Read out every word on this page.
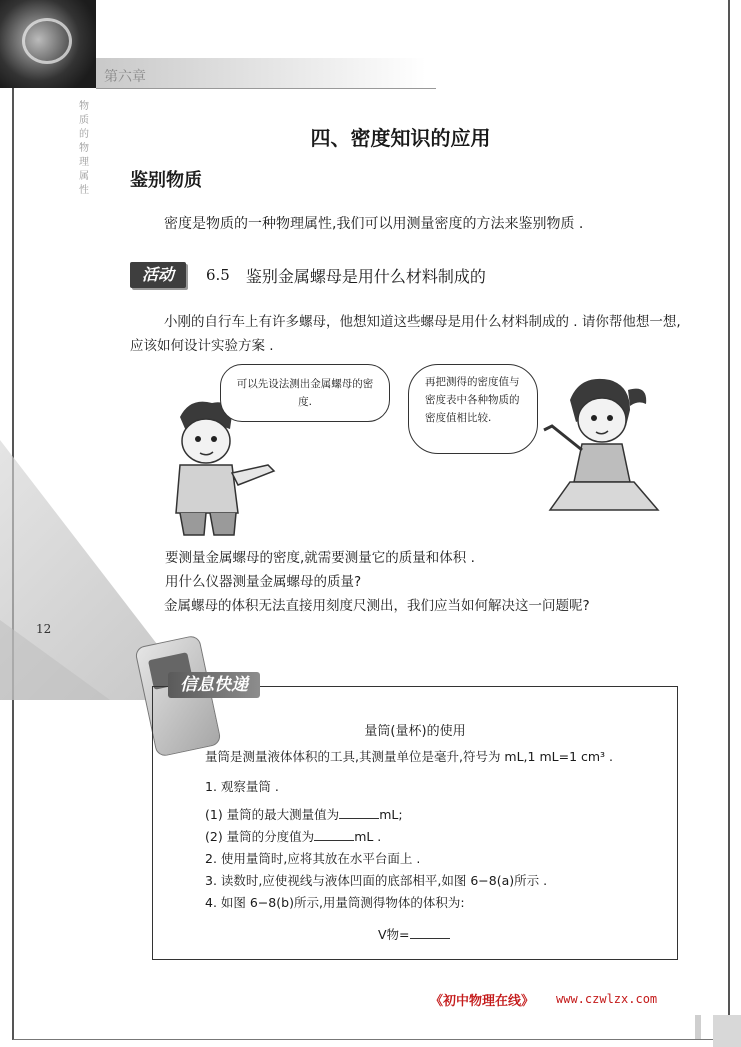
第六章
物质的物理属性
12
四、密度知识的应用
鉴别物质
密度是物质的一种物理属性,我们可以用测量密度的方法来鉴别物质 .
活动	6.5 鉴别金属螺母是用什么材料制成的
小刚的自行车上有许多螺母，他想知道这些螺母是用什么材料制成的 . 请你帮他想一想,应该如何设计实验方案 .
可以先设法测出金属螺母的密度.
再把测得的密度值与密度表中各种物质的密度值相比较.
要测量金属螺母的密度,就需要测量它的质量和体积 .
用什么仪器测量金属螺母的质量?
金属螺母的体积无法直接用刻度尺测出，我们应当如何解决这一问题呢?
信息快递
量筒(量杯)的使用
量筒是测量液体体积的工具,其测量单位是毫升,符号为 mL,1 mL=1 cm³ .
1. 观察量筒 .
(1) 量筒的最大测量值为	mL;
(2) 量筒的分度值为	mL .
2. 使用量筒时,应将其放在水平台面上 .
3. 读数时,应使视线与液体凹面的底部相平,如图 6−8(a)所示 .
4. 如图 6−8(b)所示,用量筒测得物体的体积为:
V物=
《初中物理在线》 www.czwlzx.com
